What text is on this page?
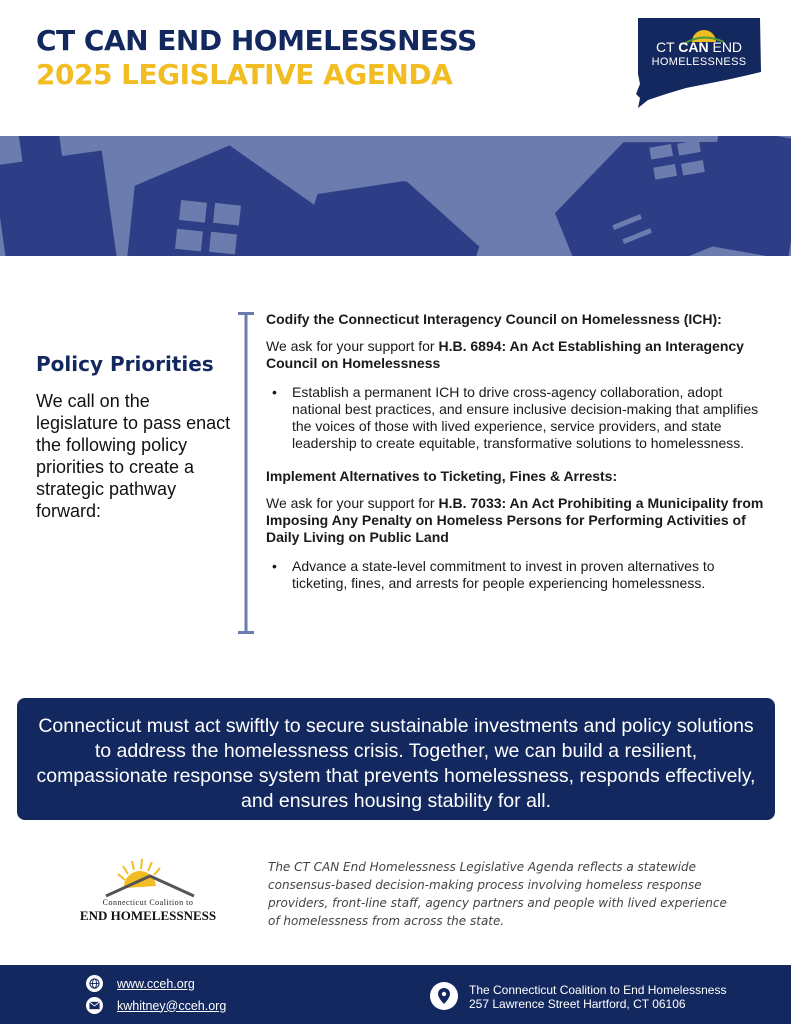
CT CAN END HOMELESSNESS
2025 LEGISLATIVE AGENDA
CT CAN END
HOMELESSNESS
Policy Priorities
We call on the legislature to pass enact the following policy priorities to create a strategic pathway forward:
Codify the Connecticut Interagency Council on Homelessness (ICH):
We ask for your support for H.B. 6894: An Act Establishing an Interagency Council on Homelessness
• Establish a permanent ICH to drive cross-agency collaboration, adopt national best practices, and ensure inclusive decision-making that amplifies the voices of those with lived experience, service providers, and state leadership to create equitable, transformative solutions to homelessness.
Implement Alternatives to Ticketing, Fines & Arrests:
We ask for your support for H.B. 7033: An Act Prohibiting a Municipality from Imposing Any Penalty on Homeless Persons for Performing Activities of Daily Living on Public Land
• Advance a state-level commitment to invest in proven alternatives to ticketing, fines, and arrests for people experiencing homelessness.
Connecticut must act swiftly to secure sustainable investments and policy solutions to address the homelessness crisis. Together, we can build a resilient, compassionate response system that prevents homelessness, responds effectively, and ensures housing stability for all.
Connecticut Coalition to
END HOMELESSNESS
The CT CAN End Homelessness Legislative Agenda reflects a statewide consensus-based decision-making process involving homeless response providers, front-line staff, agency partners and people with lived experience of homelessness from across the state.
www.cceh.org
kwhitney@cceh.org
The Connecticut Coalition to End Homelessness
257 Lawrence Street Hartford, CT 06106
